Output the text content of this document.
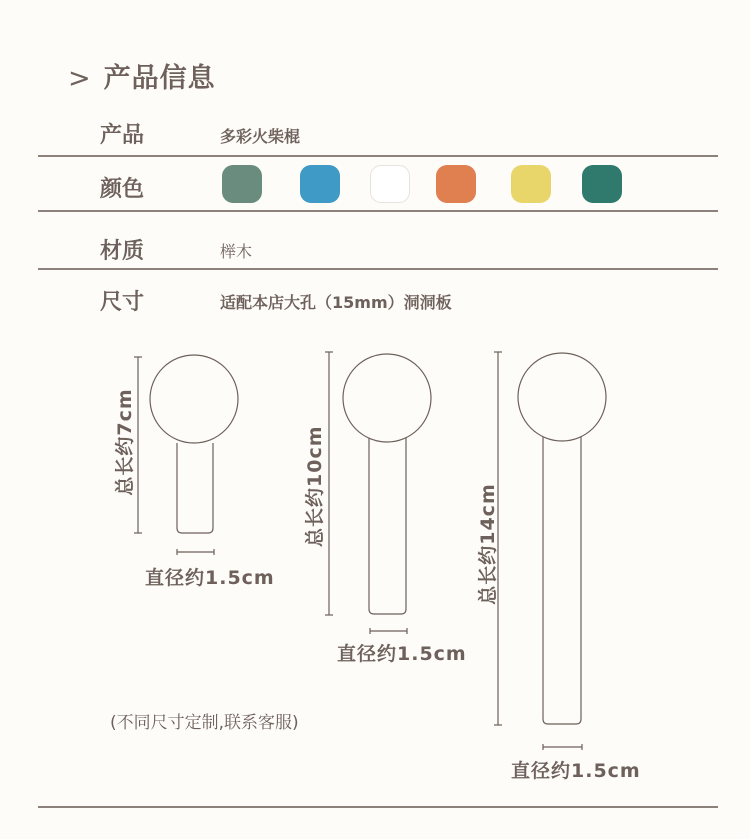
> 产品信息
产品	多彩火柴棍
颜色
材质	榉木
尺寸	适配本店大孔（15mm）洞洞板
总长约7cm	总长约10cm	总长约14cm
直径约1.5cm
直径约1.5cm
直径约1.5cm
(不同尺寸定制,联系客服)
